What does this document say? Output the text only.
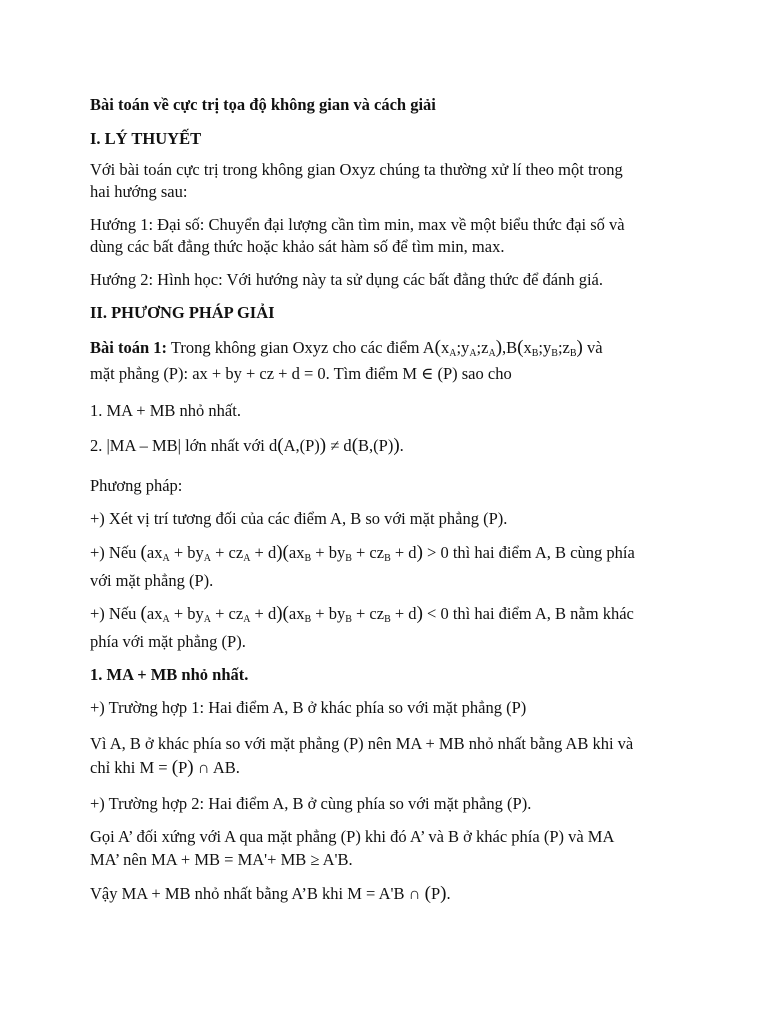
Bài toán về cực trị tọa độ không gian và cách giải
I. LÝ THUYẾT
Với bài toán cực trị trong không gian Oxyz chúng ta thường xử lí theo một trong
hai hướng sau:
Hướng 1: Đại số: Chuyển đại lượng cần tìm min, max về một biểu thức đại số và
dùng các bất đẳng thức hoặc khảo sát hàm số để tìm min, max.
Hướng 2: Hình học: Với hướng này ta sử dụng các bất đẳng thức để đánh giá.
II. PHƯƠNG PHÁP GIẢI
Bài toán 1: Trong không gian Oxyz cho các điểm $A(x_A;y_A;z_A),B(x_B;y_B;z_B)$ và
mặt phẳng (P): ax + by + cz + d = 0. Tìm điểm M ∈ (P) sao cho
1. MA + MB nhỏ nhất.
2. |MA – MB| lớn nhất với d(A,(P)) ≠ d(B,(P)).
Phương pháp:
+) Xét vị trí tương đối của các điểm A, B so với mặt phẳng (P).
+) Nếu $(ax_A + by_A + cz_A + d)(ax_B + by_B + cz_B + d) > 0$ thì hai điểm A, B cùng phía
với mặt phẳng (P).
+) Nếu $(ax_A + by_A + cz_A + d)(ax_B + by_B + cz_B + d) < 0$ thì hai điểm A, B nằm khác
phía với mặt phẳng (P).
1. MA + MB nhỏ nhất.
+) Trường hợp 1: Hai điểm A, B ở khác phía so với mặt phẳng (P)
Vì A, B ở khác phía so với mặt phẳng (P) nên MA + MB nhỏ nhất bằng AB khi và
chỉ khi M = (P) ∩ AB.
+) Trường hợp 2: Hai điểm A, B ở cùng phía so với mặt phẳng (P).
Gọi A’ đối xứng với A qua mặt phẳng (P) khi đó A’ và B ở khác phía (P) và MA
MA’ nên MA + MB = MA'+ MB ≥ A'B.
Vậy MA + MB nhỏ nhất bằng A’B khi M = A'B ∩ (P).
